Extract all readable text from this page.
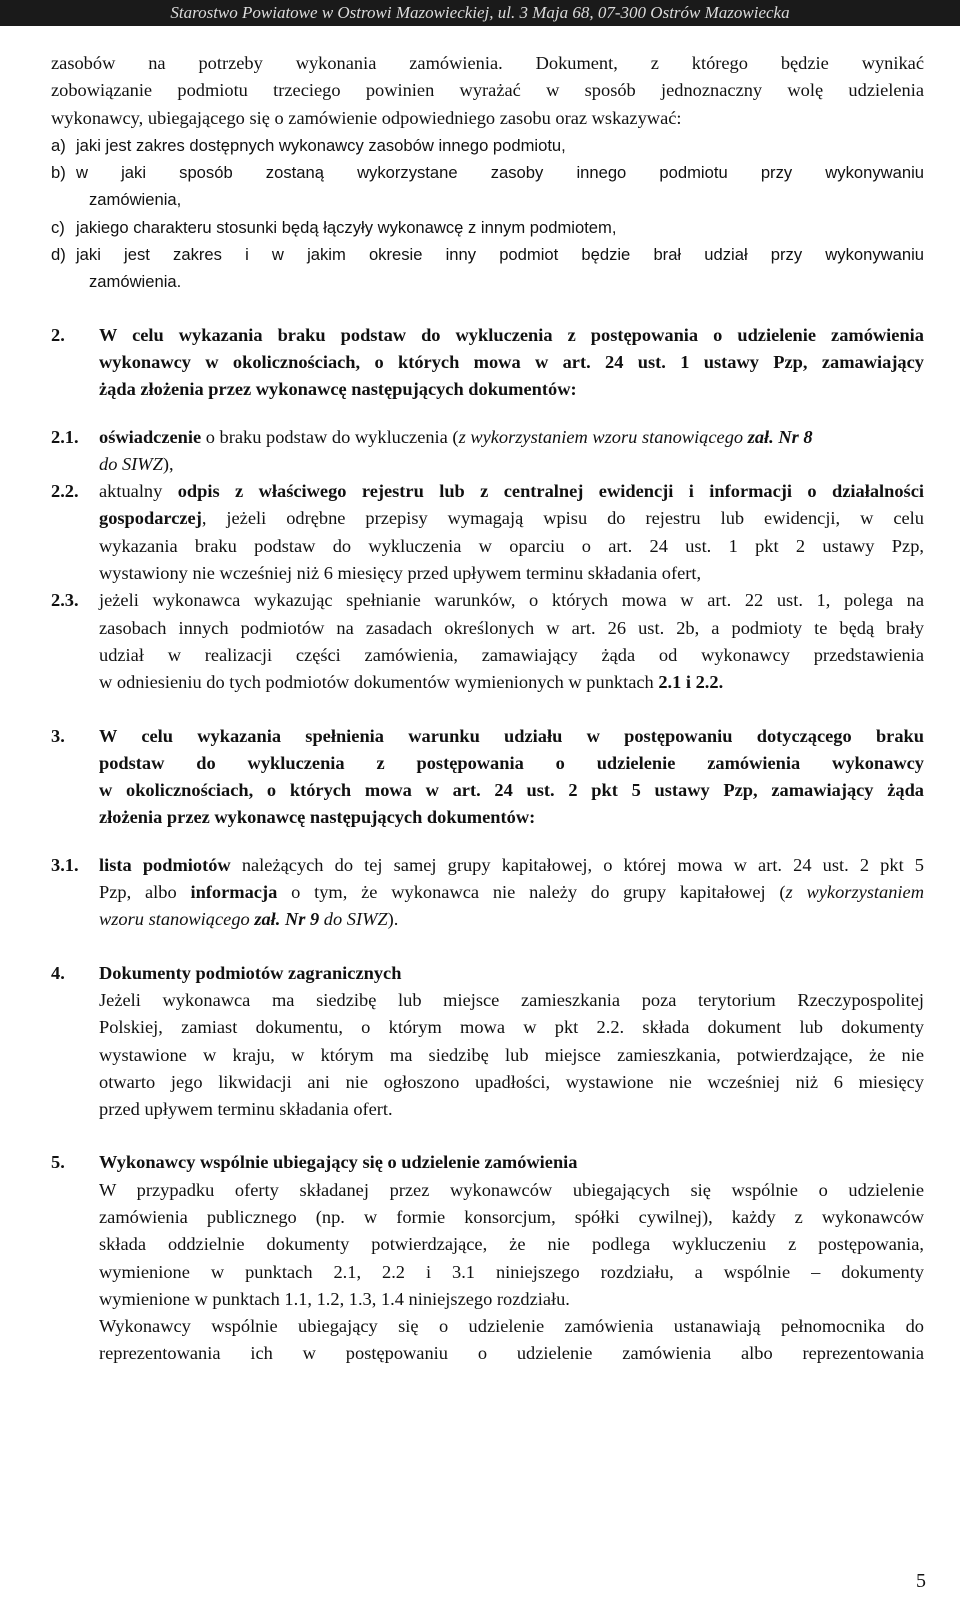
Starostwo Powiatowe w Ostrowi Mazowieckiej, ul. 3 Maja 68, 07-300 Ostrów Mazowiecka
zasobów na potrzeby wykonania zamówienia. Dokument, z którego będzie wynikać
zobowiązanie podmiotu trzeciego powinien wyrażać w sposób jednoznaczny wolę udzielenia
wykonawcy, ubiegającego się o zamówienie odpowiedniego zasobu oraz wskazywać:
a) jaki jest zakres dostępnych wykonawcy zasobów innego podmiotu,
b) w jaki sposób zostaną wykorzystane zasoby innego podmiotu przy wykonywaniu
zamówienia,
c) jakiego charakteru stosunki będą łączyły wykonawcę z innym podmiotem,
d) jaki jest zakres i w jakim okresie inny podmiot będzie brał udział przy wykonywaniu
zamówienia.
2.	W celu wykazania braku podstaw do wykluczenia z postępowania o udzielenie zamówienia
wykonawcy w okolicznościach, o których mowa w art. 24 ust. 1 ustawy Pzp, zamawiający
żąda złożenia przez wykonawcę następujących dokumentów:
2.1.	oświadczenie o braku podstaw do wykluczenia (z wykorzystaniem wzoru stanowiącego zał. Nr 8
do SIWZ),
2.2.	aktualny odpis z właściwego rejestru lub z centralnej ewidencji i informacji o działalności
gospodarczej, jeżeli odrębne przepisy wymagają wpisu do rejestru lub ewidencji, w celu
wykazania braku podstaw do wykluczenia w oparciu o art. 24 ust. 1 pkt 2 ustawy Pzp,
wystawiony nie wcześniej niż 6 miesięcy przed upływem terminu składania ofert,
2.3.	jeżeli wykonawca wykazując spełnianie warunków, o których mowa w art. 22 ust. 1, polega na
zasobach innych podmiotów na zasadach określonych w art. 26 ust. 2b, a podmioty te będą brały
udział w realizacji części zamówienia, zamawiający żąda od wykonawcy przedstawienia
w odniesieniu do tych podmiotów dokumentów wymienionych w punktach 2.1 i 2.2.
3.	W celu wykazania spełnienia warunku udziału w postępowaniu dotyczącego braku
podstaw do wykluczenia z postępowania o udzielenie zamówienia wykonawcy
w okolicznościach, o których mowa w art. 24 ust. 2 pkt 5 ustawy Pzp, zamawiający żąda
złożenia przez wykonawcę następujących dokumentów:
3.1.	lista podmiotów należących do tej samej grupy kapitałowej, o której mowa w art. 24 ust. 2 pkt 5
Pzp, albo informacja o tym, że wykonawca nie należy do grupy kapitałowej (z wykorzystaniem
wzoru stanowiącego zał. Nr 9 do SIWZ).
4.	Dokumenty podmiotów zagranicznych
Jeżeli wykonawca ma siedzibę lub miejsce zamieszkania poza terytorium Rzeczypospolitej
Polskiej, zamiast dokumentu, o którym mowa w pkt 2.2. składa dokument lub dokumenty
wystawione w kraju, w którym ma siedzibę lub miejsce zamieszkania, potwierdzające, że nie
otwarto jego likwidacji ani nie ogłoszono upadłości, wystawione nie wcześniej niż 6 miesięcy
przed upływem terminu składania ofert.
5.	Wykonawcy wspólnie ubiegający się o udzielenie zamówienia
W przypadku oferty składanej przez wykonawców ubiegających się wspólnie o udzielenie
zamówienia publicznego (np. w formie konsorcjum, spółki cywilnej), każdy z wykonawców
składa oddzielnie dokumenty potwierdzające, że nie podlega wykluczeniu z postępowania,
wymienione w punktach 2.1, 2.2 i 3.1 niniejszego rozdziału, a wspólnie – dokumenty
wymienione w punktach 1.1, 1.2, 1.3, 1.4 niniejszego rozdziału.
Wykonawcy wspólnie ubiegający się o udzielenie zamówienia ustanawiają pełnomocnika do
reprezentowania ich w postępowaniu o udzielenie zamówienia albo reprezentowania
5
